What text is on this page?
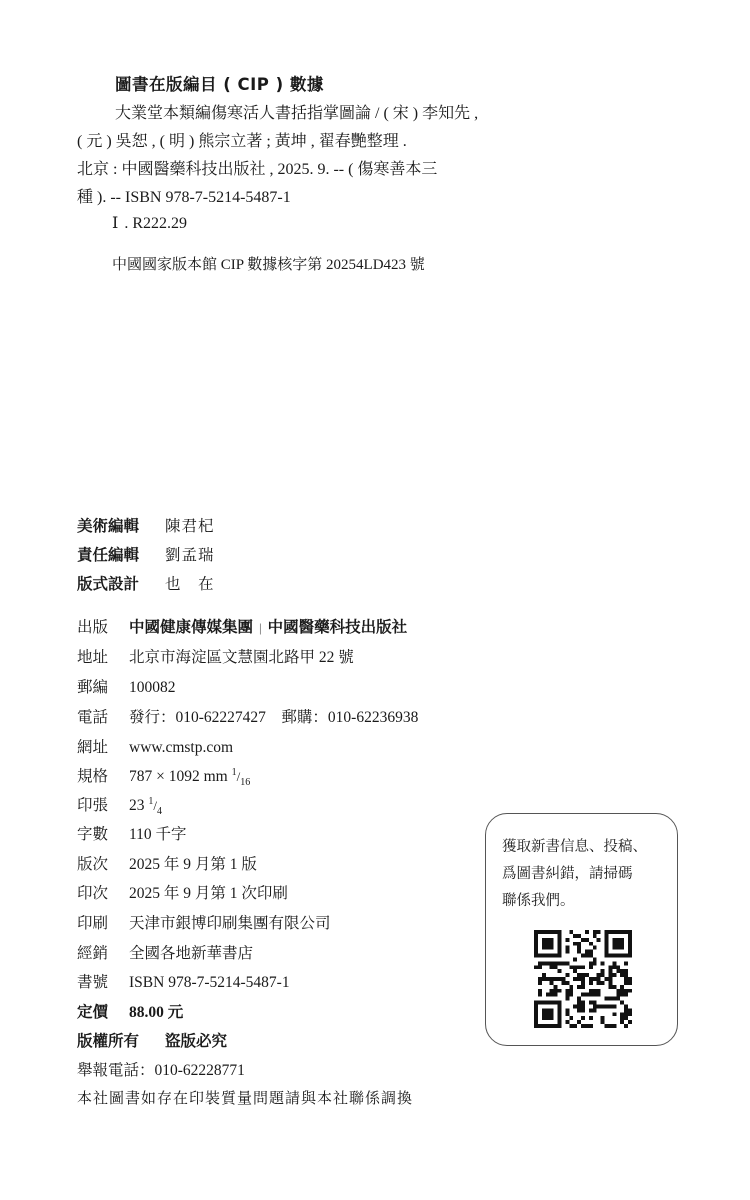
圖書在版編目 ( CIP ) 數據
大業堂本類編傷寒活人書括指掌圖論 / ( 宋 ) 李知先 ,
( 元 ) 吳恕 , ( 明 ) 熊宗立著 ; 黃坤 , 翟春艷整理 .
北京 : 中國醫藥科技出版社 , 2025. 9. -- ( 傷寒善本三
種 ). -- ISBN 978-7-5214-5487-1
Ⅰ . R222.29
中國國家版本館 CIP 數據核字第 20254LD423 號
美術編輯 陳君杞
責任編輯 劉孟瑞
版式設計 也　在
出版 中國健康傳媒集團 | 中國醫藥科技出版社
地址 北京市海淀區文慧園北路甲 22 號
郵編 100082
電話 發行：010-62227427　郵購：010-62236938
網址 www.cmstp.com
規格 787 × 1092 mm $^1/_{16}$
印張 23 $^1/_4$
字數 110 千字
版次 2025 年 9 月第 1 版
印次 2025 年 9 月第 1 次印刷
印刷 天津市銀博印刷集團有限公司
經銷 全國各地新華書店
書號 ISBN 978-7-5214-5487-1
定價 88.00 元
版權所有 盜版必究
舉報電話：010-62228771
本社圖書如存在印裝質量問題請與本社聯係調換
獲取新書信息、投稿、
爲圖書糾錯，請掃碼
聯係我們。
